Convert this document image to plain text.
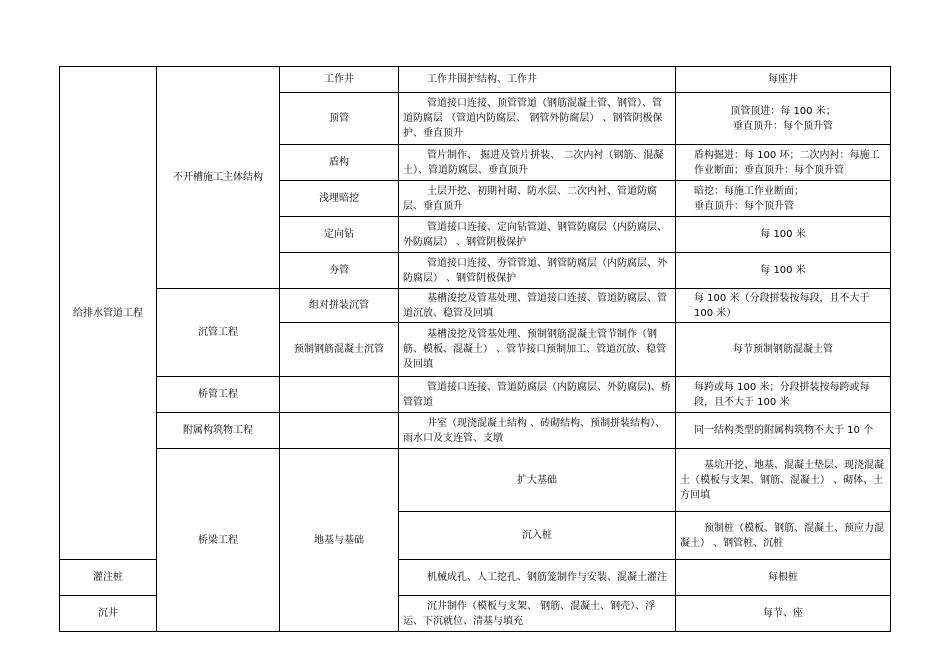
给排水管道工程	不开槽施工主体结构	工作井	工作井围护结构、工作井	每座井	

		顶管	管道接口连接、顶管管道（钢筋混凝土管、钢管）、管道防腐层 （管道内防腐层、 钢管外防腐层） 、钢管阴极保护、垂直顶升	顶管顶进：每 100 米；
垂直顶升：每个顶升管	

		盾构	管片制作、 掘进及管片拼装、 二次内衬（钢筋、混凝土）、管道防腐层、垂直顶升	盾构掘进：每 100 环；二次内衬：每施工作业断面；垂直顶升：每个顶升管	

		浅埋暗挖	土层开挖、初期衬砌、防水层、二次内衬、管道防腐层、垂直顶升	暗挖：每施工作业断面；
垂直顶升：每个顶升管	

		定向钻	管道接口连接、定向钻管道、钢管防腐层（内防腐层、外防腐层） 、钢管阴极保护	每 100 米	

		夯管	管道接口连接、夯管管道、钢管防腐层（内防腐层、外防腐层） 、钢管阴极保护	每 100 米	

	沉管工程	组对拼装沉管	基槽浚挖及管基处理、管道接口连接、管道防腐层、管道沉放、稳管及回填	每 100 米（分段拼装按每段，且不大于 100 米）	

		预制钢筋混凝土沉管	基槽浚挖及管基处理、预制钢筋混凝土管节制作（钢筋、模板、混凝土） 、管节接口预制加工、管道沉放、稳管及回填	每节预制钢筋混凝土管	

	桥管工程		管道接口连接、管道防腐层（内防腐层、外防腐层)、桥管管道	每跨或每 100 米；分段拼装按每跨或每段，且不大于 100 米	

	附属构筑物工程		井室（现浇混凝土结构 、砖砌结构、预制拼装结构）、雨水口及支连管、支墩	同一结构类型的附属构筑物不大于 10 个	

	桥梁工程	地基与基础	扩大基础	基坑开挖、地基、混凝土垫层、现浇混凝土（模板与支架、钢筋、混凝土） 、砌体、土方回填

			沉入桩	预制桩（模板、钢筋、混凝土、预应力混凝土） 、钢管桩、沉桩

灌注桩			机械成孔、人工挖孔、钢筋笼制作与安装、混凝土灌注	每根桩	

沉井			沉井制作（模板与支架、 钢筋、混凝土、钢壳）、浮运、下沉就位、清基与填充	每节、座	
